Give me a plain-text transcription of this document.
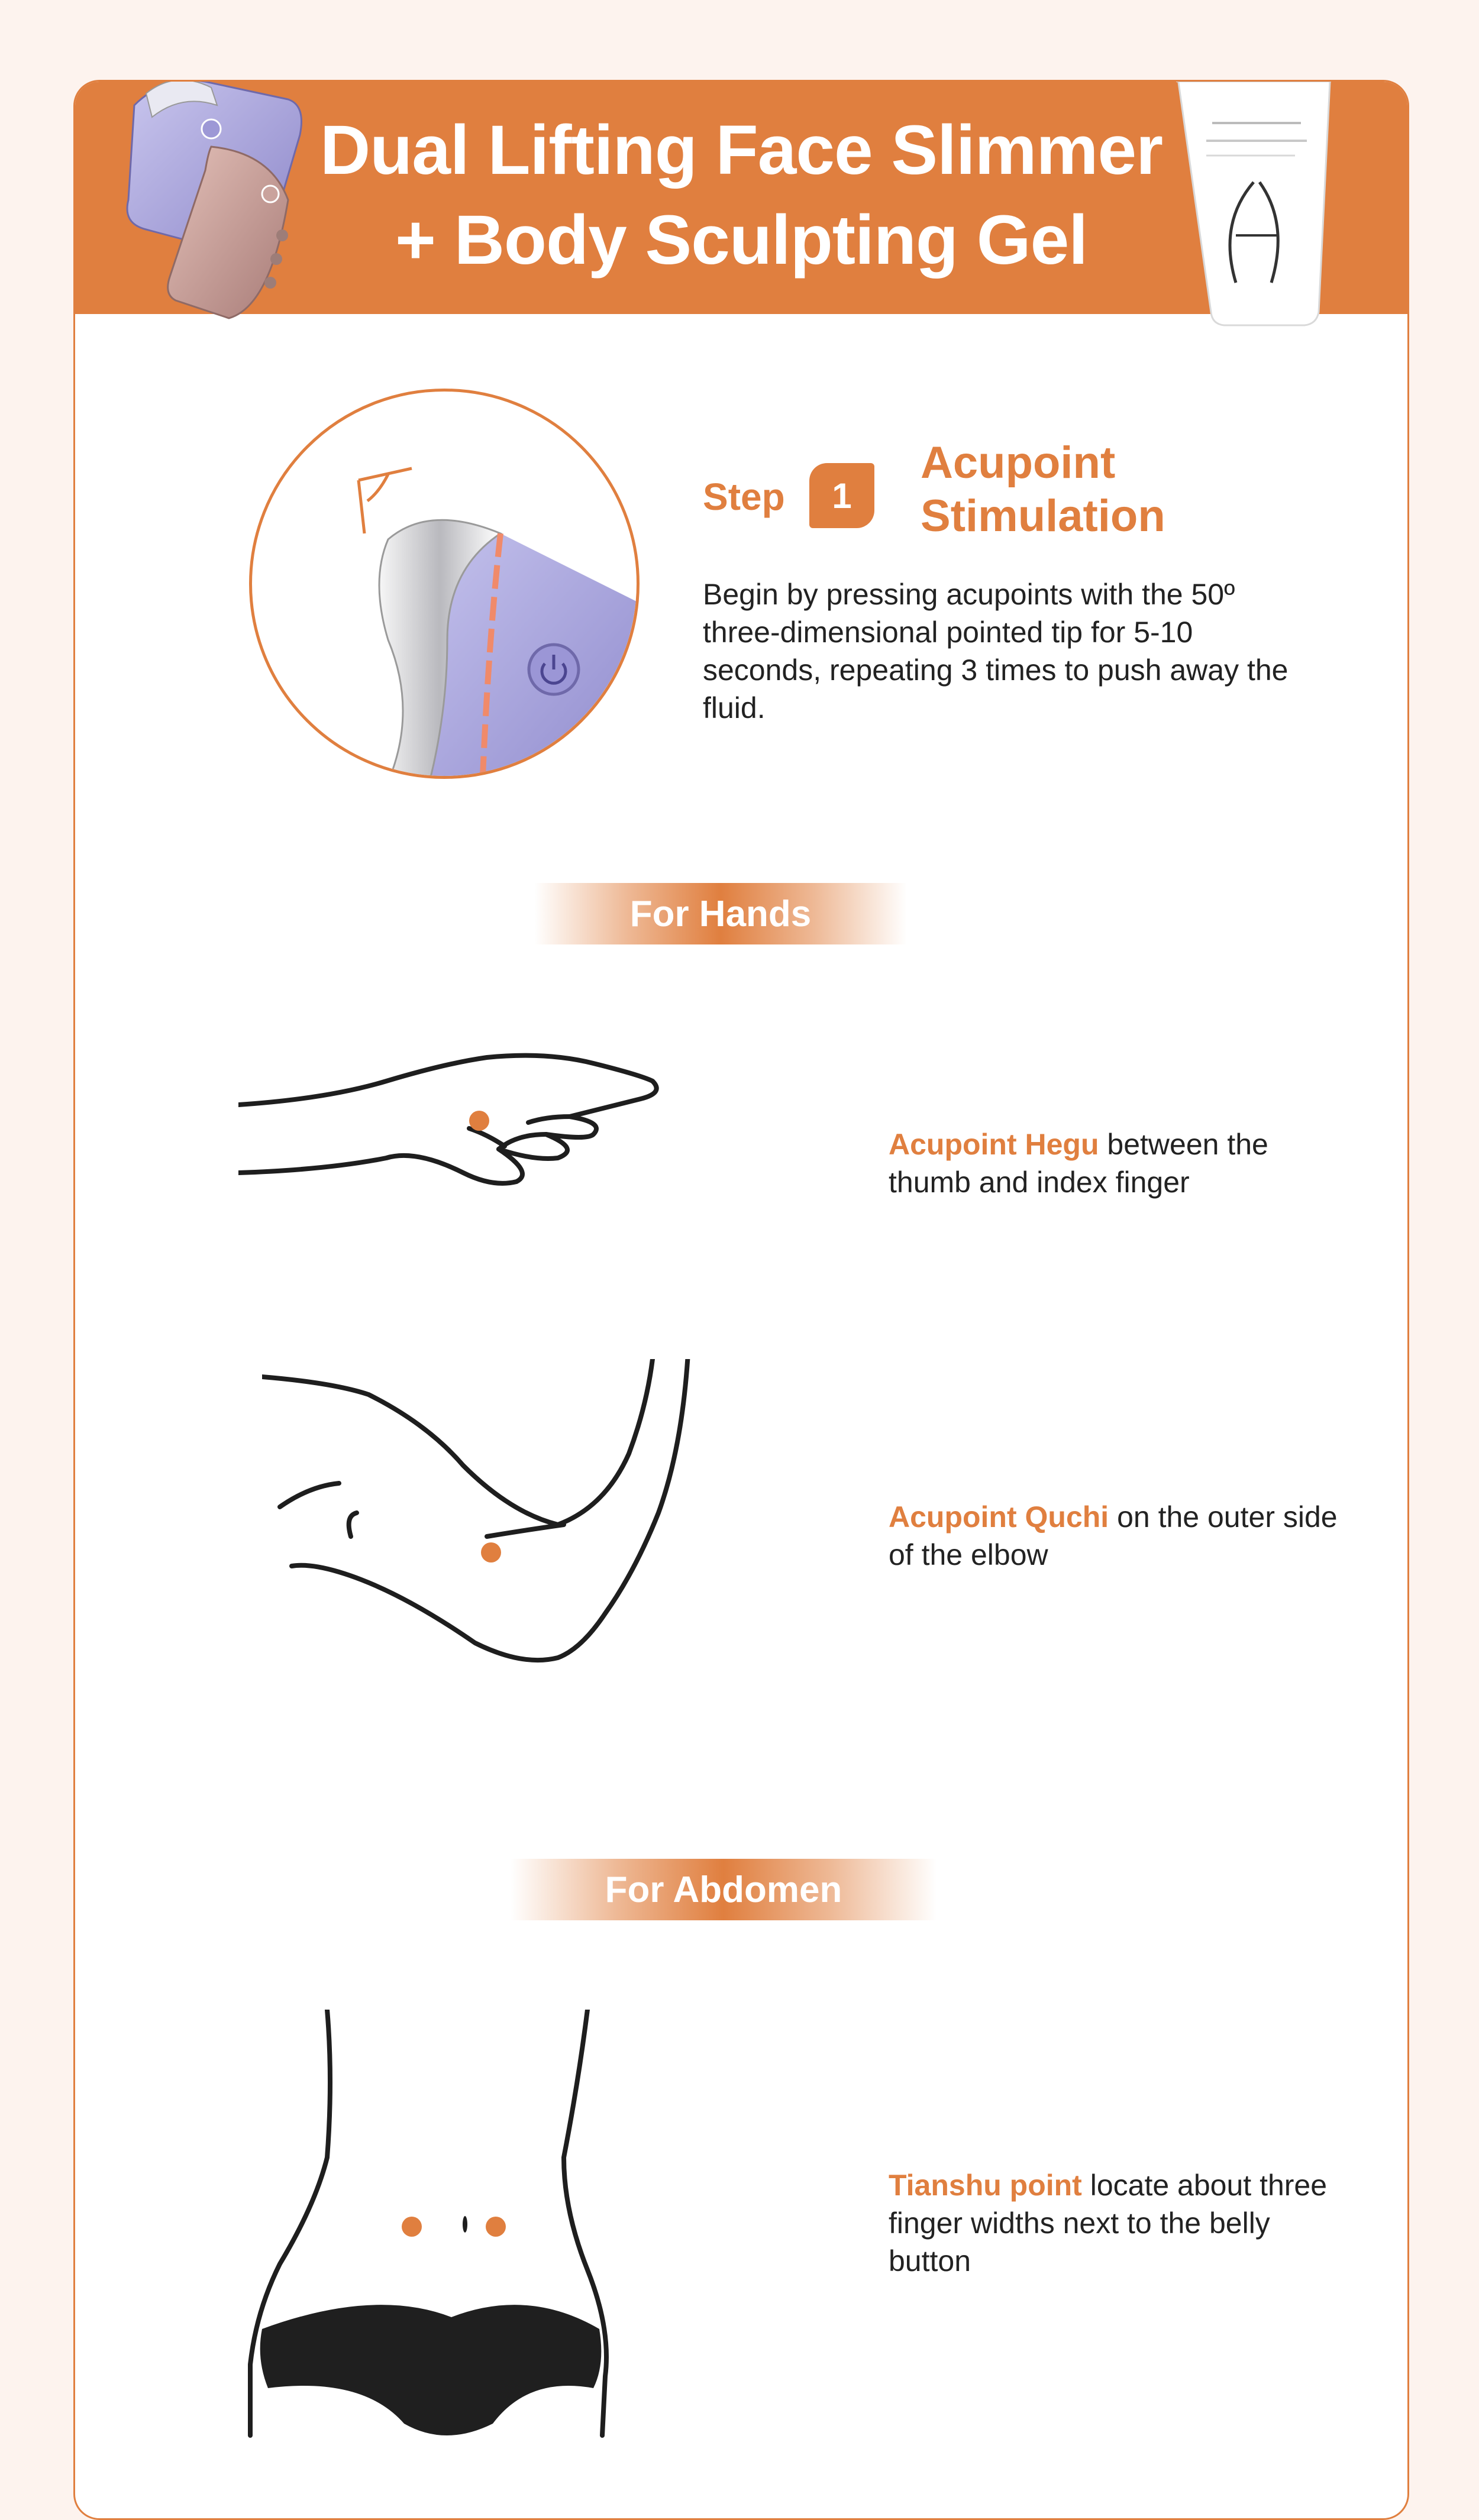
Dual Lifting Face Slimmer
+ Body Sculpting Gel
Step	1
Acupoint Stimulation
Begin by pressing acupoints with the 50º three-dimensional pointed tip for 5-10 seconds, repeating 3 times to push away the fluid.
For Hands
Acupoint Hegu between the thumb and index finger
Acupoint Quchi on the outer side of the elbow
For Abdomen
Tianshu point locate about three finger widths next to the belly button
